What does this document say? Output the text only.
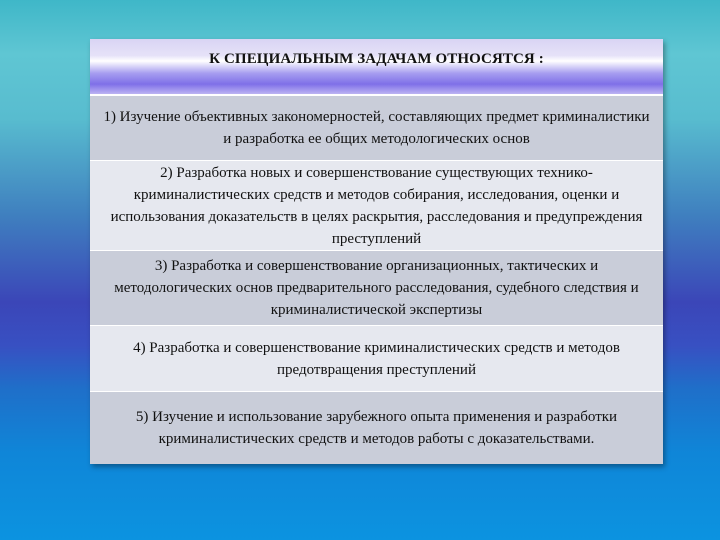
К СПЕЦИАЛЬНЫМ ЗАДАЧАМ ОТНОСЯТСЯ :
1) Изучение объективных закономерностей, составляющих предмет криминалистики и разработка ее общих методологических основ
2) Разработка новых и совершенствование существующих технико-криминалистических средств и методов собирания, исследования, оценки и использования доказательств в целях раскрытия, расследования и предупреждения преступлений
3) Разработка и совершенствование организационных, тактических и методологических основ предварительного расследования, судебного следствия и криминалистической экспертизы
4) Разработка и совершенствование криминалистических средств и методов предотвращения преступлений
5) Изучение и использование зарубежного опыта применения и разработки криминалистических средств и методов работы с доказательствами.
